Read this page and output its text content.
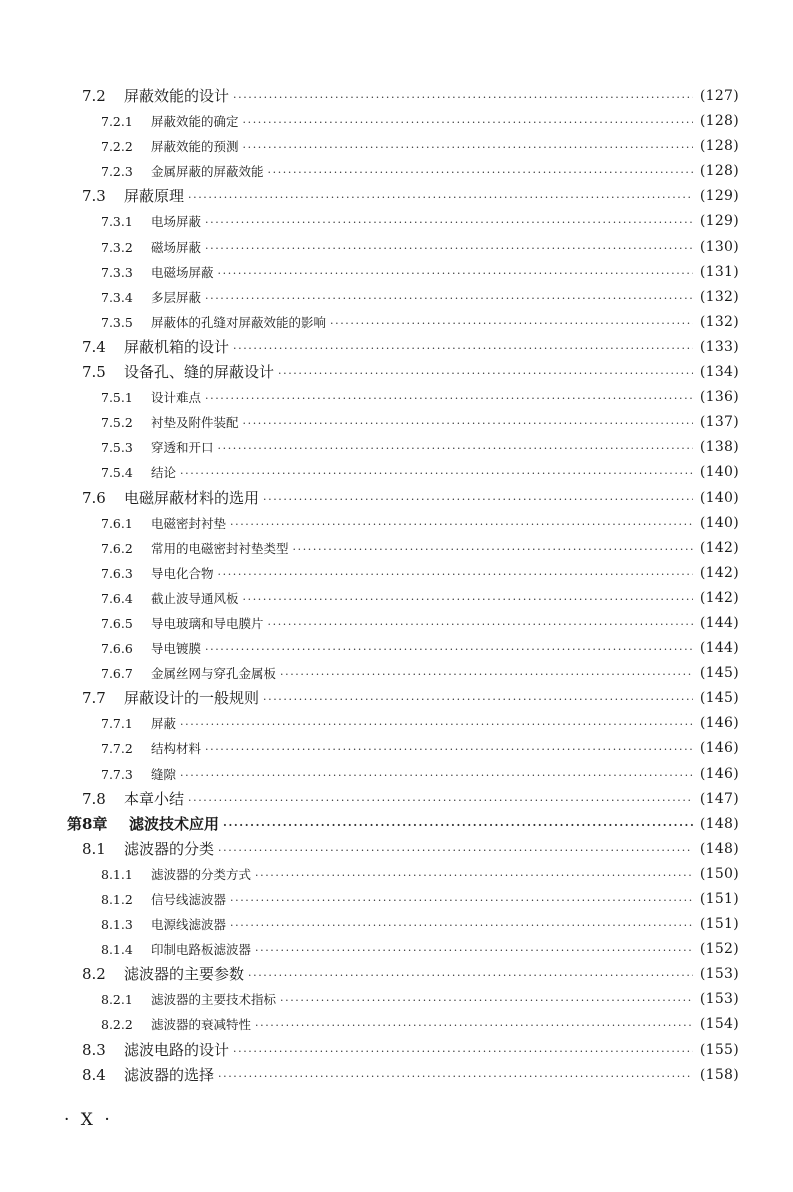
7.2	屏蔽效能的设计 ·····	(127)
7.2.1	屏蔽效能的确定 ·····	(128)
7.2.2	屏蔽效能的预测 ·····	(128)
7.2.3	金属屏蔽的屏蔽效能 ·····	(128)
7.3	屏蔽原理 ·····	(129)
7.3.1	电场屏蔽 ·····	(129)
7.3.2	磁场屏蔽 ·····	(130)
7.3.3	电磁场屏蔽 ·····	(131)
7.3.4	多层屏蔽 ·····	(132)
7.3.5	屏蔽体的孔缝对屏蔽效能的影响 ·····	(132)
7.4	屏蔽机箱的设计 ·····	(133)
7.5	设备孔、缝的屏蔽设计 ·····	(134)
7.5.1	设计难点 ·····	(136)
7.5.2	衬垫及附件装配 ·····	(137)
7.5.3	穿透和开口 ·····	(138)
7.5.4	结论 ·····	(140)
7.6	电磁屏蔽材料的选用 ·····	(140)
7.6.1	电磁密封衬垫 ·····	(140)
7.6.2	常用的电磁密封衬垫类型 ·····	(142)
7.6.3	导电化合物 ·····	(142)
7.6.4	截止波导通风板 ·····	(142)
7.6.5	导电玻璃和导电膜片 ·····	(144)
7.6.6	导电镀膜 ·····	(144)
7.6.7	金属丝网与穿孔金属板 ·····	(145)
7.7	屏蔽设计的一般规则 ·····	(145)
7.7.1	屏蔽 ·····	(146)
7.7.2	结构材料 ·····	(146)
7.7.3	缝隙 ·····	(146)
7.8	本章小结 ·····	(147)
第8章	滤波技术应用 ·····	(148)
8.1	滤波器的分类 ·····	(148)
8.1.1	滤波器的分类方式 ·····	(150)
8.1.2	信号线滤波器 ·····	(151)
8.1.3	电源线滤波器 ·····	(151)
8.1.4	印制电路板滤波器 ·····	(152)
8.2	滤波器的主要参数 ·····	(153)
8.2.1	滤波器的主要技术指标 ·····	(153)
8.2.2	滤波器的衰减特性 ·····	(154)
8.3	滤波电路的设计 ·····	(155)
8.4	滤波器的选择 ·····	(158)
· X ·
